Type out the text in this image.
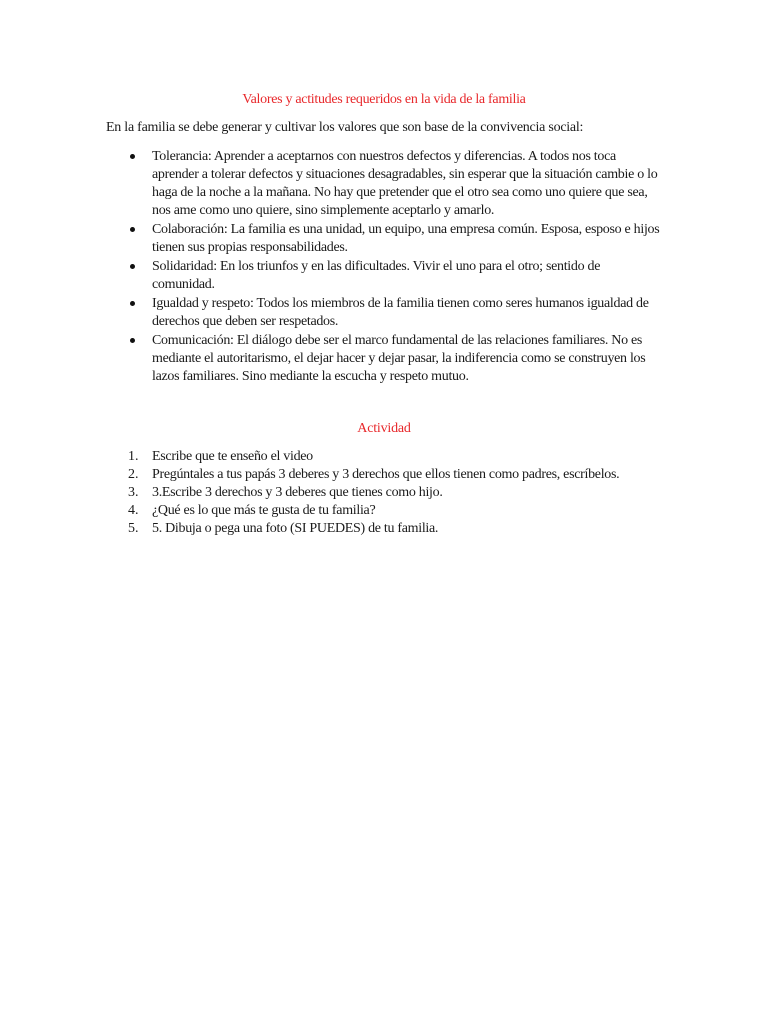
Valores y actitudes requeridos en la vida de la familia

En la familia se debe generar y cultivar los valores que son base de la convivencia social:

Tolerancia: Aprender a aceptarnos con nuestros defectos y diferencias. A todos nos toca aprender a tolerar defectos y situaciones desagradables, sin esperar que la situación cambie o lo haga de la noche a la mañana. No hay que pretender que el otro sea como uno quiere que sea, nos ame como uno quiere, sino simplemente aceptarlo y amarlo.
Colaboración: La familia es una unidad, un equipo, una empresa común. Esposa, esposo e hijos tienen sus propias responsabilidades.
Solidaridad: En los triunfos y en las dificultades. Vivir el uno para el otro; sentido de comunidad.
Igualdad y respeto: Todos los miembros de la familia tienen como seres humanos igualdad de derechos que deben ser respetados.
Comunicación: El diálogo debe ser el marco fundamental de las relaciones familiares. No es mediante el autoritarismo, el dejar hacer y dejar pasar, la indiferencia como se construyen los lazos familiares. Sino mediante la escucha y respeto mutuo.
Actividad
1. Escribe que te enseño el video
2. Pregúntales a tus papás 3 deberes y 3 derechos que ellos tienen como padres, escríbelos.
3. 3.Escribe 3 derechos y 3 deberes que tienes como hijo.
4. ¿Qué es lo que más te gusta de tu familia?
5. 5. Dibuja o pega una foto (SI PUEDES) de tu familia.
